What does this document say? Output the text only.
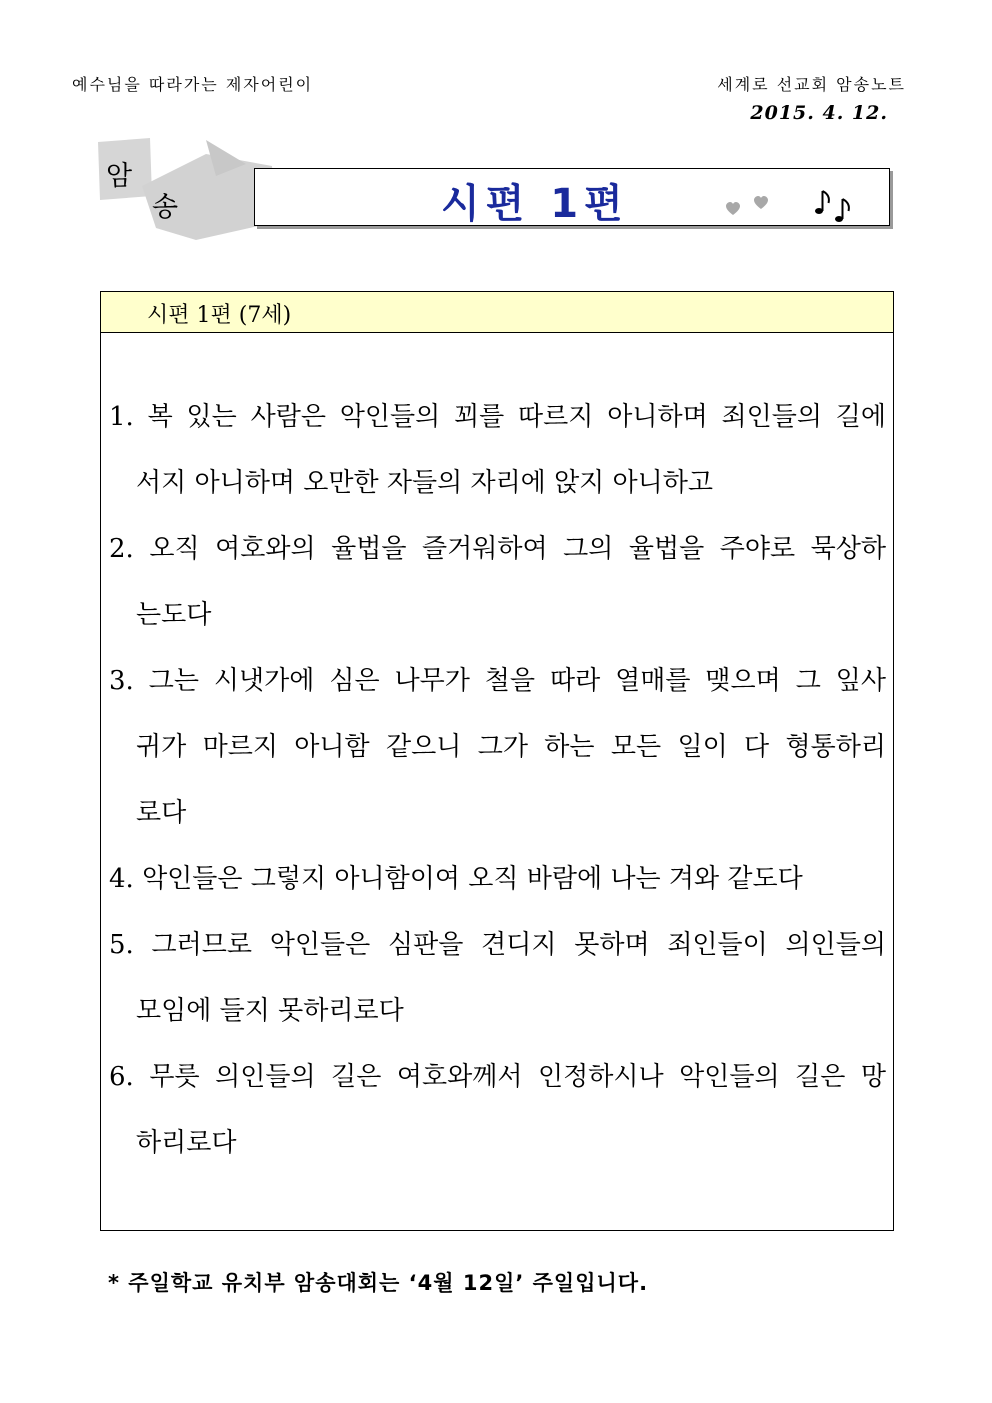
예수님을 따라가는 제자어린이	세계로 선교회 암송노트
2015. 4. 12.
암
송	시편 1편
시편 1편 (7세)
1. 복 있는 사람은 악인들의 꾀를 따르지 아니하며 죄인들의 길에
서지 아니하며 오만한 자들의 자리에 앉지 아니하고
2. 오직 여호와의 율법을 즐거워하여 그의 율법을 주야로 묵상하
는도다
3. 그는 시냇가에 심은 나무가 철을 따라 열매를 맺으며 그 잎사
귀가 마르지 아니함 같으니 그가 하는 모든 일이 다 형통하리
로다
4. 악인들은 그렇지 아니함이여 오직 바람에 나는 겨와 같도다
5. 그러므로 악인들은 심판을 견디지 못하며 죄인들이 의인들의
모임에 들지 못하리로다
6. 무릇 의인들의 길은 여호와께서 인정하시나 악인들의 길은 망
하리로다
* 주일학교 유치부 암송대회는 ‘4월 12일’ 주일입니다.
